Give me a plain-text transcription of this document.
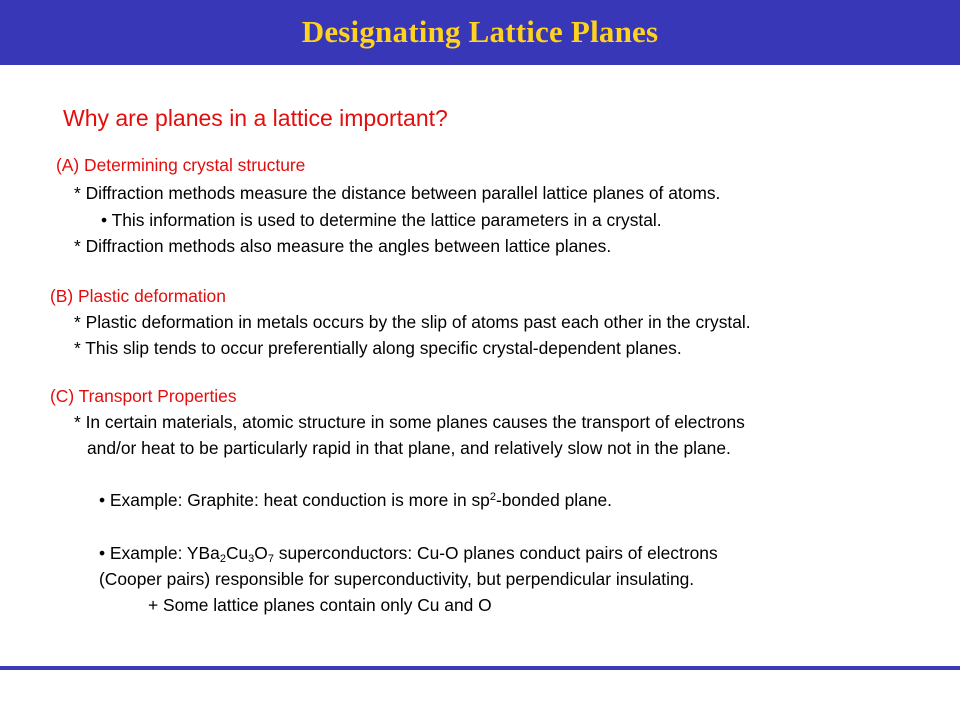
Designating Lattice Planes
Why are planes in a lattice important?
(A) Determining crystal structure
* Diffraction methods measure the distance between parallel lattice planes of atoms.
• This information is used to determine the lattice parameters in a crystal.
* Diffraction methods also measure the angles between lattice planes.
(B) Plastic deformation
* Plastic deformation in metals occurs by the slip of atoms past each other in the crystal.
* This slip tends to occur preferentially along specific crystal-dependent planes.
(C) Transport Properties
* In certain materials, atomic structure in some planes causes the transport of electrons
and/or heat to be particularly rapid in that plane, and relatively slow not in the plane.
• Example: Graphite: heat conduction is more in $sp^2$-bonded plane.
• Example: $YBa_2Cu_3O_7$ superconductors: Cu-O planes conduct pairs of electrons
(Cooper pairs) responsible for superconductivity, but perpendicular insulating.
+ Some lattice planes contain only Cu and O
